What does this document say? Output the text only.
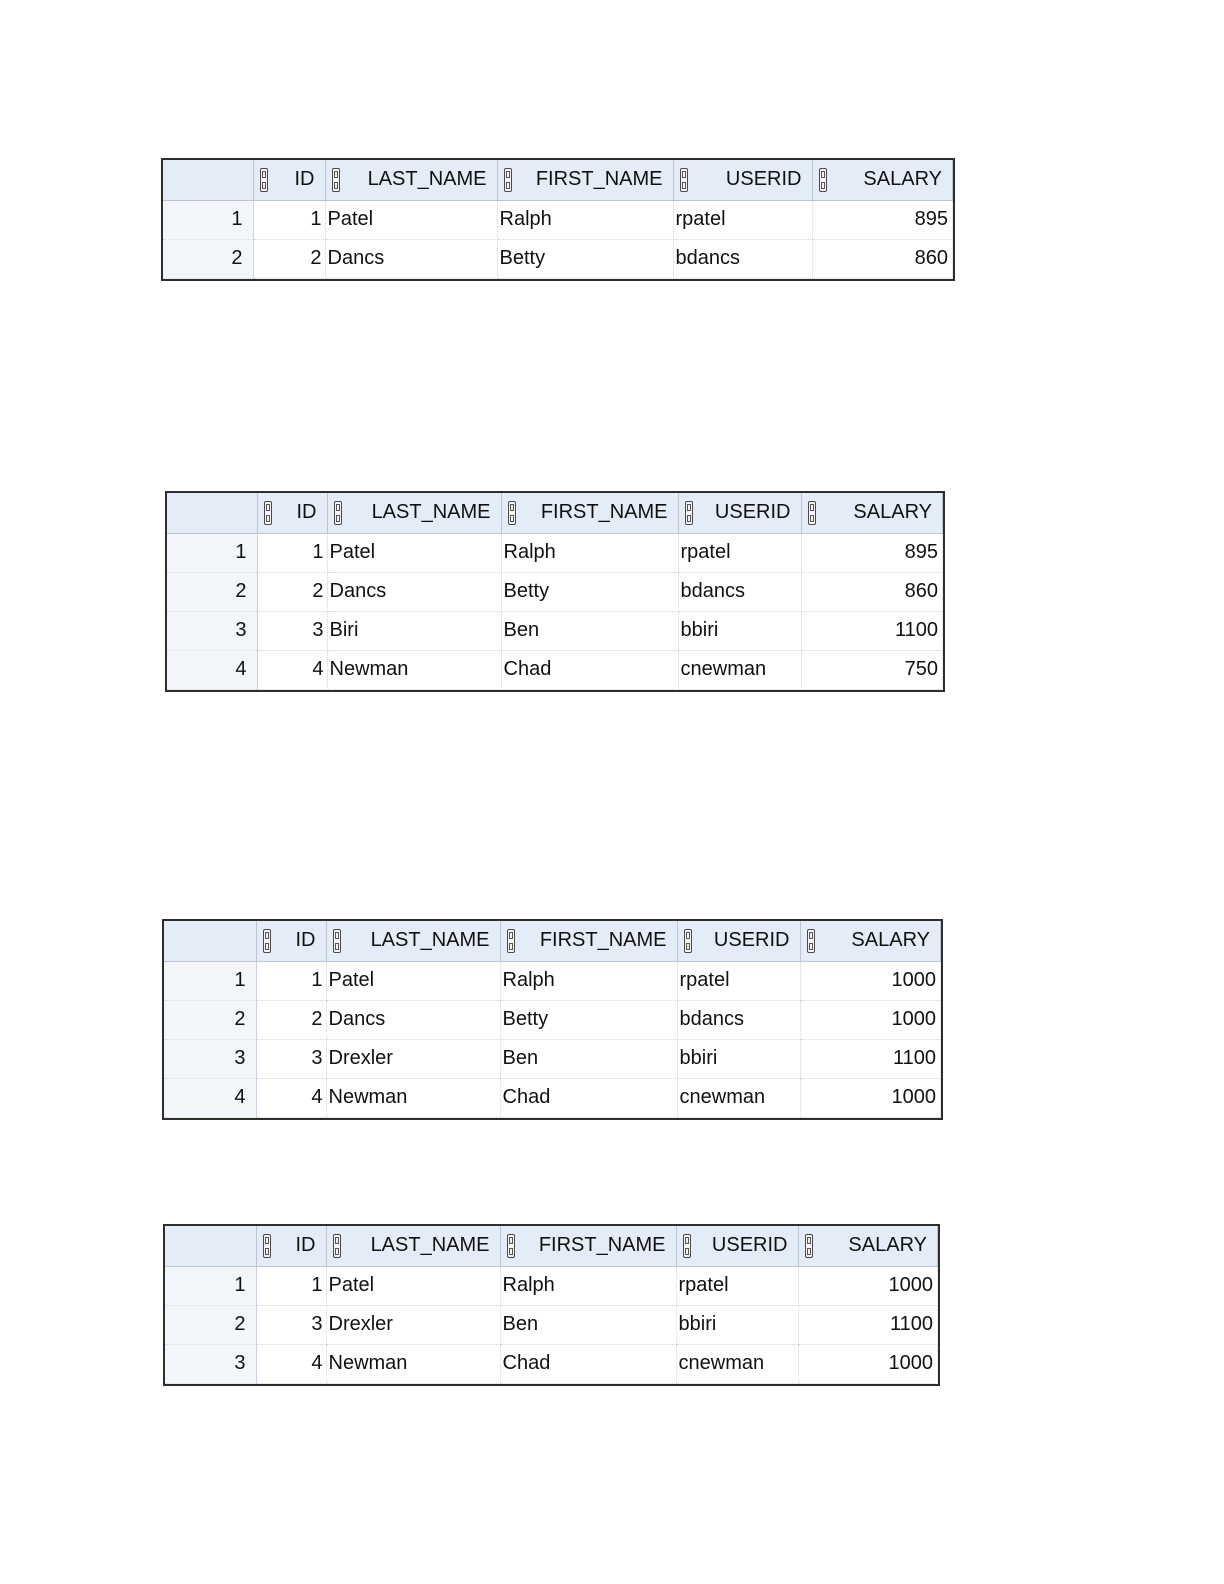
	ID	LAST_NAME	FIRST_NAME	USERID	SALARY

1	1	Patel	Ralph	rpatel	895
2	2	Dancs	Betty	bdancs	860

	ID	LAST_NAME	FIRST_NAME	USERID	SALARY

1	1	Patel	Ralph	rpatel	895
2	2	Dancs	Betty	bdancs	860
3	3	Biri	Ben	bbiri	1100
4	4	Newman	Chad	cnewman	750

	ID	LAST_NAME	FIRST_NAME	USERID	SALARY

1	1	Patel	Ralph	rpatel	1000
2	2	Dancs	Betty	bdancs	1000
3	3	Drexler	Ben	bbiri	1100
4	4	Newman	Chad	cnewman	1000

	ID	LAST_NAME	FIRST_NAME	USERID	SALARY

1	1	Patel	Ralph	rpatel	1000
2	3	Drexler	Ben	bbiri	1100
3	4	Newman	Chad	cnewman	1000
